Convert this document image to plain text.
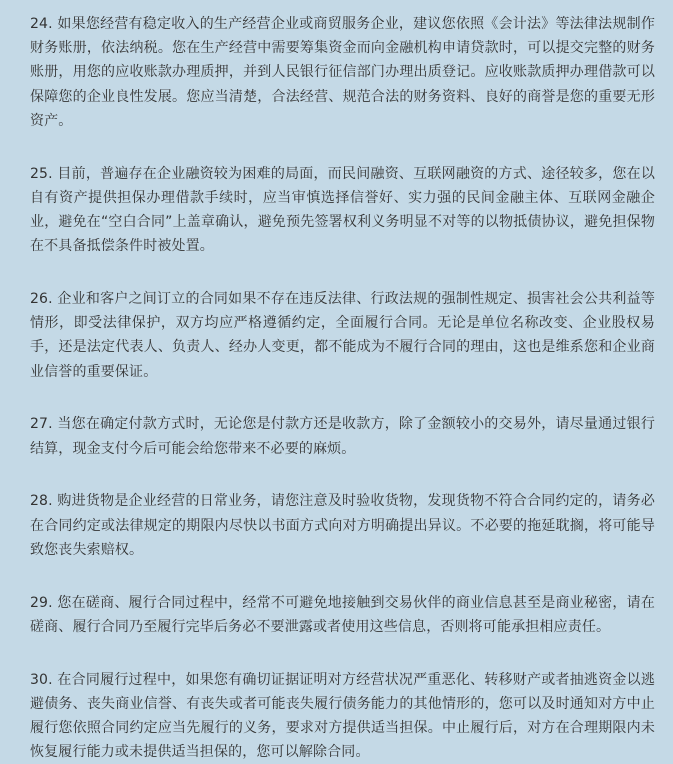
24. 如果您经营有稳定收入的生产经营企业或商贸服务企业，建议您依照《会计法》等法律法规制作财务账册，依法纳税。您在生产经营中需要筹集资金而向金融机构申请贷款时，可以提交完整的财务账册，用您的应收账款办理质押，并到人民银行征信部门办理出质登记。应收账款质押办理借款可以保障您的企业良性发展。您应当清楚，合法经营、规范合法的财务资料、良好的商誉是您的重要无形资产。

25. 目前，普遍存在企业融资较为困难的局面，而民间融资、互联网融资的方式、途径较多，您在以自有资产提供担保办理借款手续时，应当审慎选择信誉好、实力强的民间金融主体、互联网金融企业，避免在“空白合同”上盖章确认，避免预先签署权利义务明显不对等的以物抵债协议，避免担保物在不具备抵偿条件时被处置。

26. 企业和客户之间订立的合同如果不存在违反法律、行政法规的强制性规定、损害社会公共利益等情形，即受法律保护，双方均应严格遵循约定，全面履行合同。无论是单位名称改变、企业股权易手，还是法定代表人、负责人、经办人变更，都不能成为不履行合同的理由，这也是维系您和企业商业信誉的重要保证。

27. 当您在确定付款方式时，无论您是付款方还是收款方，除了金额较小的交易外，请尽量通过银行结算，现金支付今后可能会给您带来不必要的麻烦。

28. 购进货物是企业经营的日常业务，请您注意及时验收货物，发现货物不符合合同约定的，请务必在合同约定或法律规定的期限内尽快以书面方式向对方明确提出异议。不必要的拖延耽搁，将可能导致您丧失索赔权。

29. 您在磋商、履行合同过程中，经常不可避免地接触到交易伙伴的商业信息甚至是商业秘密，请在磋商、履行合同乃至履行完毕后务必不要泄露或者使用这些信息，否则将可能承担相应责任。

30. 在合同履行过程中，如果您有确切证据证明对方经营状况严重恶化、转移财产或者抽逃资金以逃避债务、丧失商业信誉、有丧失或者可能丧失履行债务能力的其他情形的，您可以及时通知对方中止履行您依照合同约定应当先履行的义务，要求对方提供适当担保。中止履行后，对方在合理期限内未恢复履行能力或未提供适当担保的，您可以解除合同。
